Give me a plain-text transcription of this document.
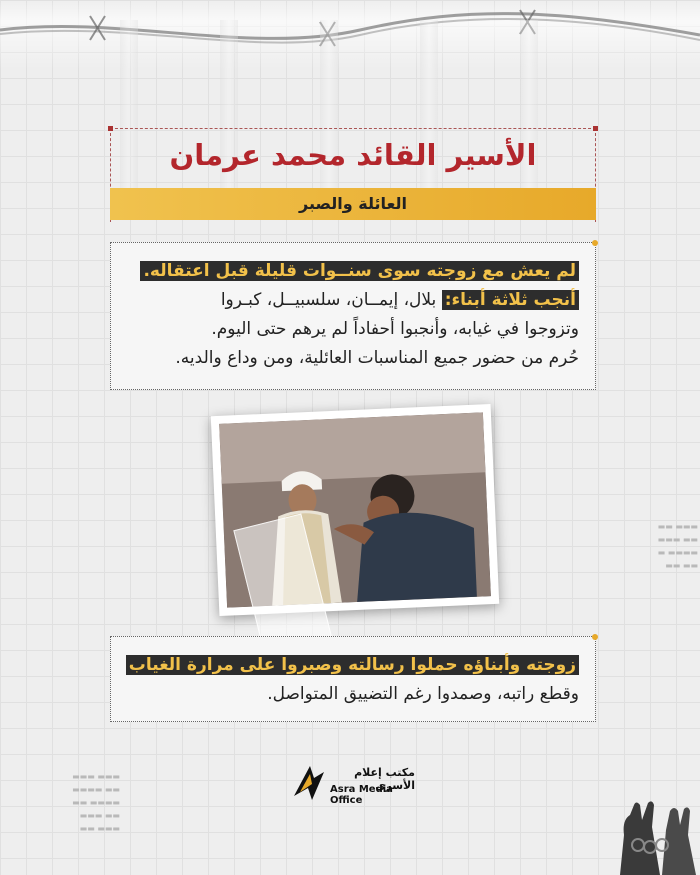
الأسير القائد محمد عرمان
العائلة والصبر
لم يعش مع زوجته سوى سنــوات قليلة قبل اعتقاله.
أنجب ثلاثة أبناء: بلال، إيمــان، سلسبيــل، كبـروا
وتزوجوا في غيابه، وأنجبوا أحفاداً لم يرهم حتى اليوم.
حُرم من حضور جميع المناسبات العائلية، ومن وداع والديه.
▬▬▬ ▬▬
▬▬ ▬▬▬
▬▬▬▬ ▬
▬▬ ▬▬
▬▬▬ ▬▬▬
▬▬ ▬▬▬▬
▬▬▬▬ ▬▬
▬▬ ▬▬▬
▬▬▬ ▬▬
زوجته وأبناؤه حملوا رسالته وصبروا على مرارة الغياب
وقطع راتبه، وصمدوا رغم التضييق المتواصل.
مكتب إعلام الأسرى
Asra Media Office
